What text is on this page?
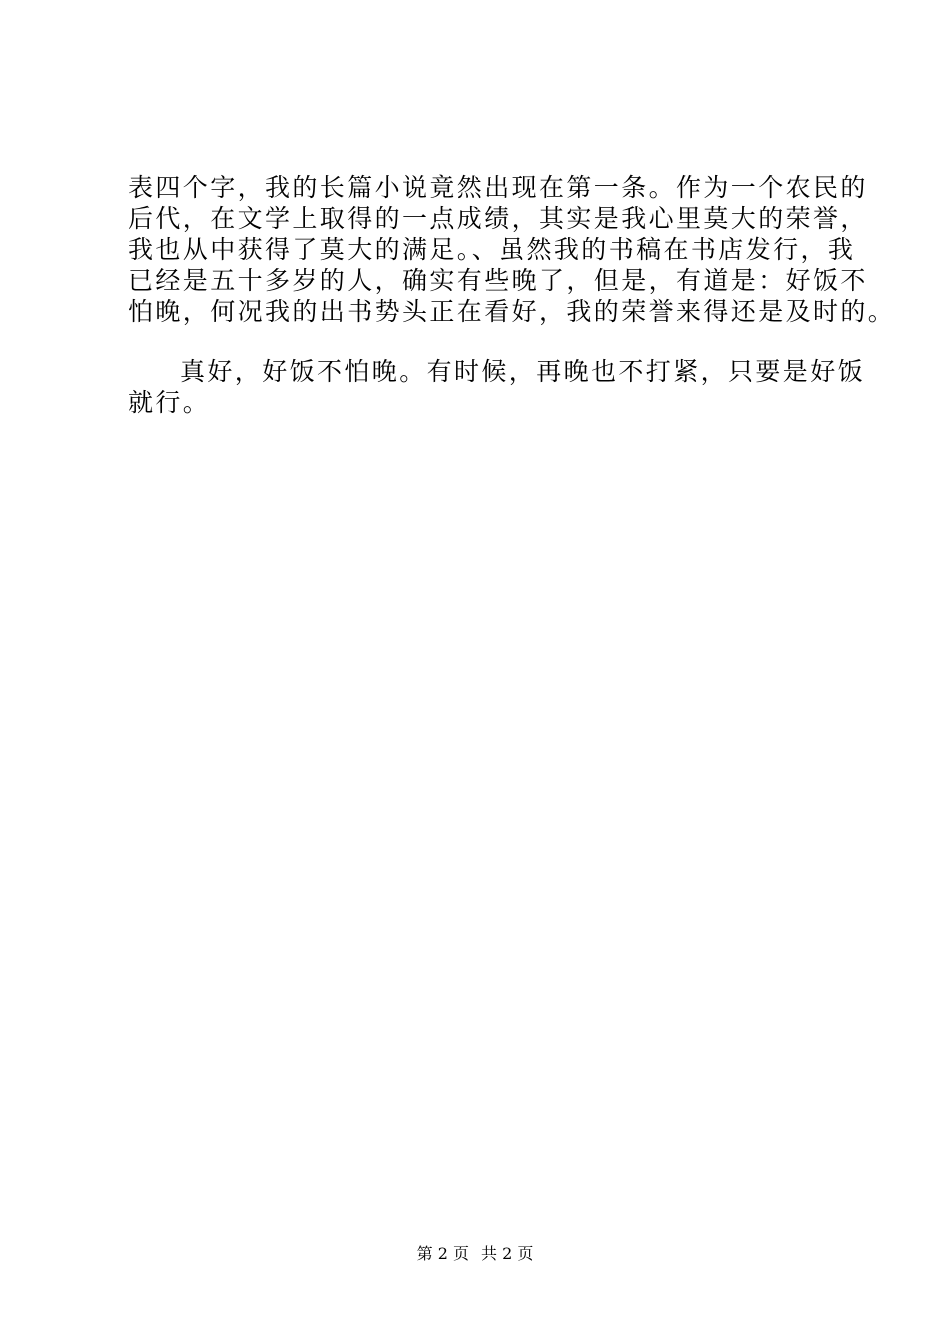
表四个字，我的长篇小说竟然出现在第一条。作为一个农民的
后代，在文学上取得的一点成绩，其实是我心里莫大的荣誉，
我也从中获得了莫大的满足。、虽然我的书稿在书店发行，我
已经是五十多岁的人，确实有些晚了，但是，有道是：好饭不
怕晚，何况我的出书势头正在看好，我的荣誉来得还是及时的。
真好，好饭不怕晚。有时候，再晚也不打紧，只要是好饭
就行。
第 2 页 共 2 页
